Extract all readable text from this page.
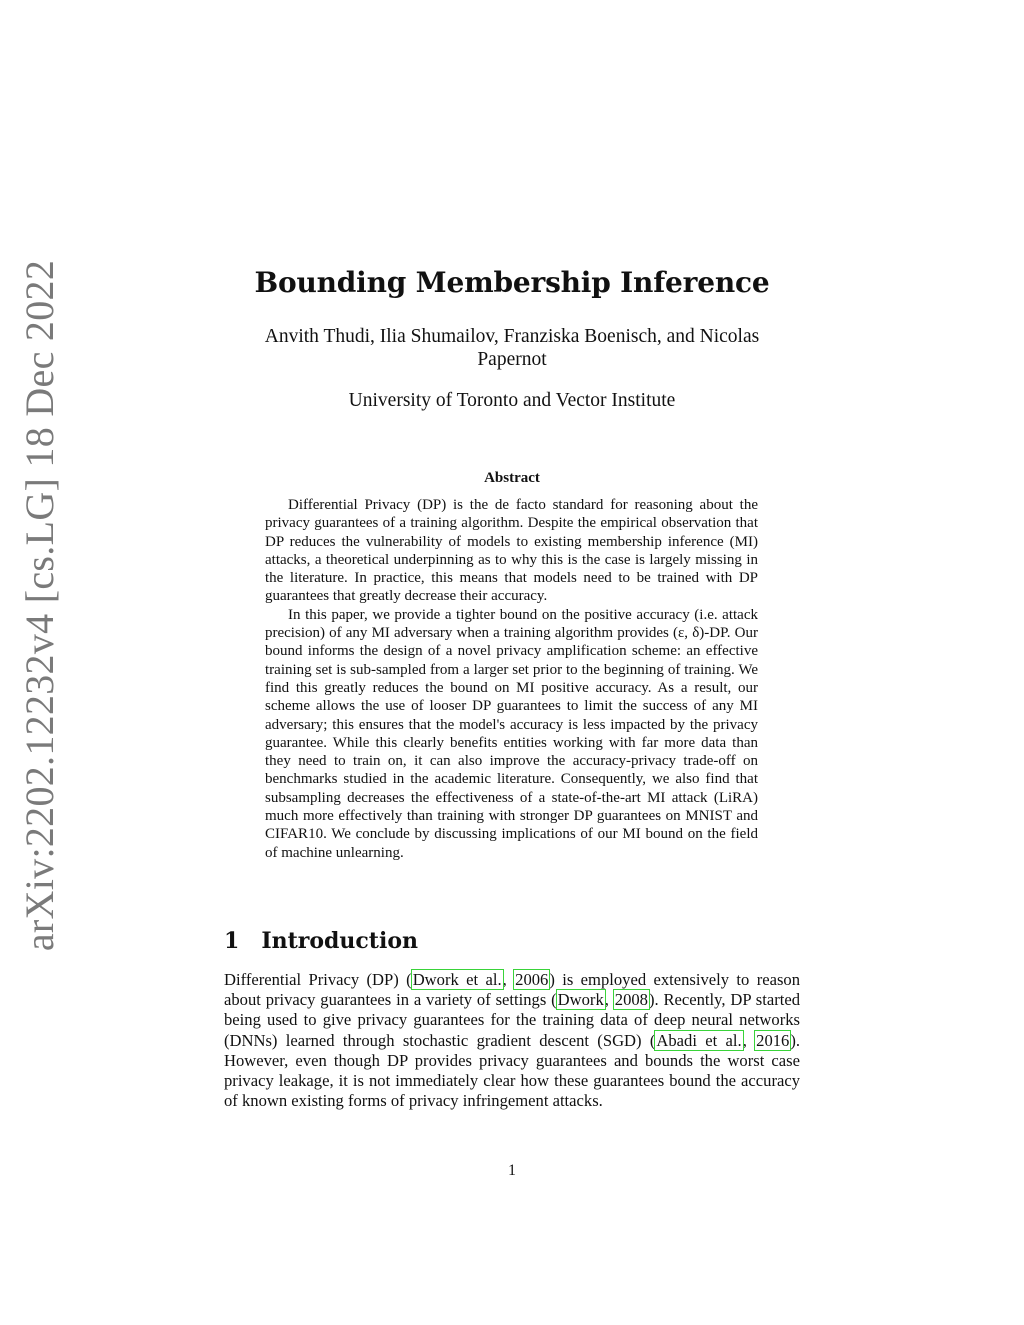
arXiv:2202.12232v4 [cs.LG] 18 Dec 2022	Bounding Membership Inference
Anvith Thudi, Ilia Shumailov, Franziska Boenisch, and Nicolas Papernot
University of Toronto and Vector Institute
Abstract

Differential Privacy (DP) is the de facto standard for reasoning about the privacy guarantees of a training algorithm. Despite the empirical observation that DP reduces the vulnerability of models to existing membership inference (MI) attacks, a theoretical underpinning as to why this is the case is largely missing in the literature. In practice, this means that models need to be trained with DP guarantees that greatly decrease their accuracy.

In this paper, we provide a tighter bound on the positive accuracy (i.e. attack precision) of any MI adversary when a training algorithm provides (ε, δ)-DP. Our bound informs the design of a novel privacy amplification scheme: an effective training set is sub-sampled from a larger set prior to the beginning of training. We find this greatly reduces the bound on MI positive accuracy. As a result, our scheme allows the use of looser DP guarantees to limit the success of any MI adversary; this ensures that the model's accuracy is less impacted by the privacy guarantee. While this clearly benefits entities working with far more data than they need to train on, it can also improve the accuracy-privacy trade-off on benchmarks studied in the academic literature. Consequently, we also find that subsampling decreases the effectiveness of a state-of-the-art MI attack (LiRA) much more effectively than training with stronger DP guarantees on MNIST and CIFAR10. We conclude by discussing implications of our MI bound on the field of machine unlearning.

1 Introduction

Differential Privacy (DP) (Dwork et al., 2006) is employed extensively to reason about privacy guarantees in a variety of settings (Dwork, 2008). Recently, DP started being used to give privacy guarantees for the training data of deep neural networks (DNNs) learned through stochastic gradient descent (SGD) (Abadi et al., 2016). However, even though DP provides privacy guarantees and bounds the worst case privacy leakage, it is not immediately clear how these guarantees bound the accuracy of known existing forms of privacy infringement attacks.

1
